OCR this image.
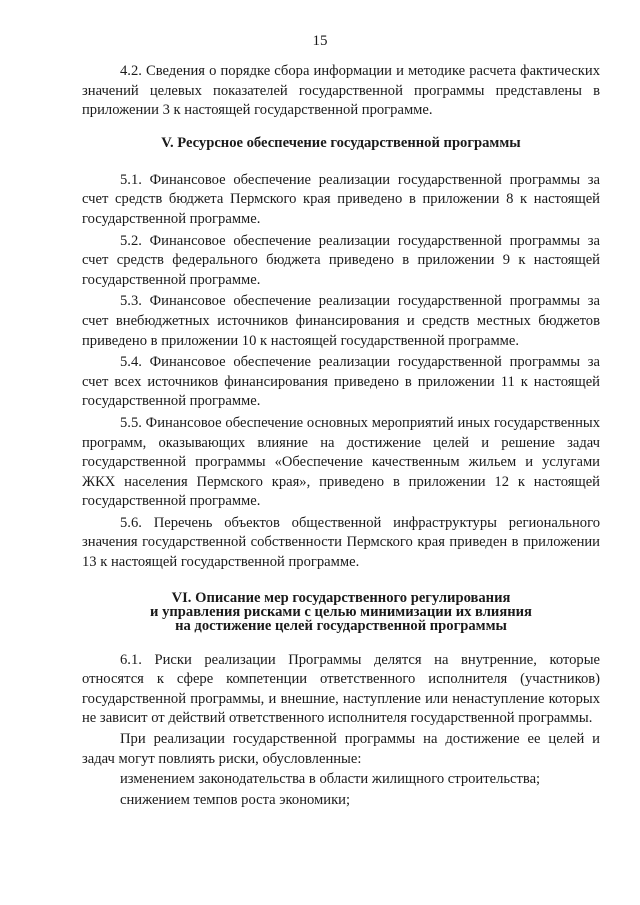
15

4.2. Сведения о порядке сбора информации и методике расчета фактических значений целевых показателей государственной программы представлены в приложении 3 к настоящей государственной программе.

V. Ресурсное обеспечение государственной программы

5.1. Финансовое обеспечение реализации государственной программы за счет средств бюджета Пермского края приведено в приложении 8 к настоящей государственной программе.

5.2. Финансовое обеспечение реализации государственной программы за счет средств федерального бюджета приведено в приложении 9 к настоящей государственной программе.

5.3. Финансовое обеспечение реализации государственной программы за счет внебюджетных источников финансирования и средств местных бюджетов приведено в приложении 10 к настоящей государственной программе.

5.4. Финансовое обеспечение реализации государственной программы за счет всех источников финансирования приведено в приложении 11 к настоящей государственной программе.

5.5. Финансовое обеспечение основных мероприятий иных государственных программ, оказывающих влияние на достижение целей и решение задач государственной программы «Обеспечение качественным жильем и услугами ЖКХ населения Пермского края», приведено в приложении 12 к настоящей государственной программе.

5.6. Перечень объектов общественной инфраструктуры регионального значения государственной собственности Пермского края приведен в приложении 13 к настоящей государственной программе.

VI. Описание мер государственного регулирования
и управления рисками с целью минимизации их влияния
на достижение целей государственной программы

6.1. Риски реализации Программы делятся на внутренние, которые относятся к сфере компетенции ответственного исполнителя (участников) государственной программы, и внешние, наступление или ненаступление которых не зависит от действий ответственного исполнителя государственной программы.

При реализации государственной программы на достижение ее целей и задач могут повлиять риски, обусловленные:

изменением законодательства в области жилищного строительства;

снижением темпов роста экономики;
